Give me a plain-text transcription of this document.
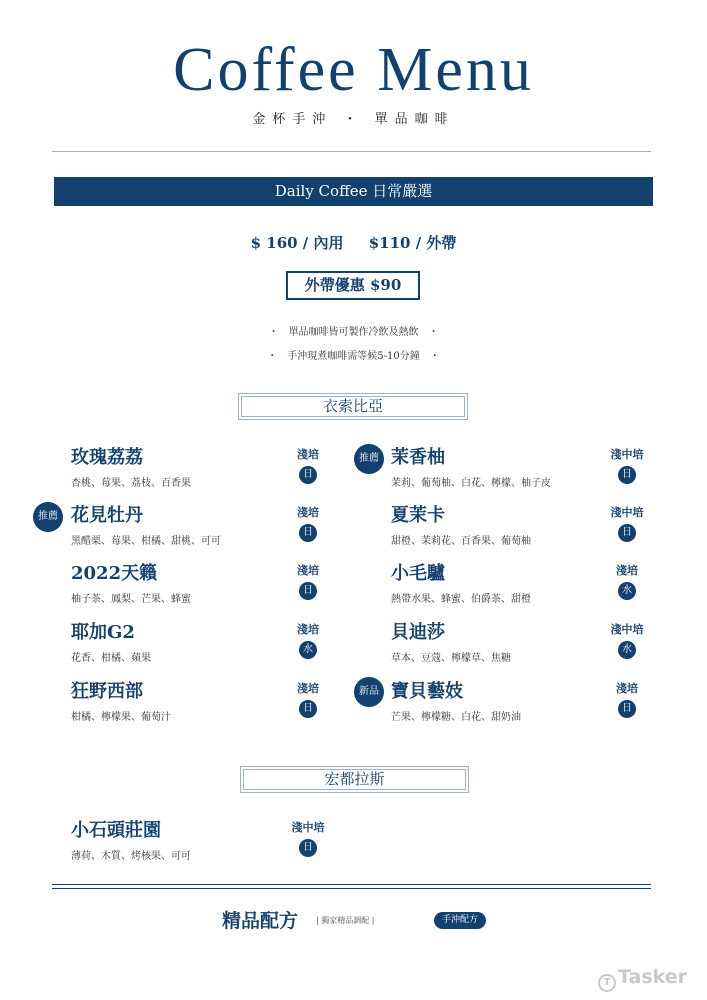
Coffee Menu
金杯手沖 ・ 單品咖啡
Daily Coffee 日常嚴選
$ 160 / 內用 $110 / 外帶
外帶優惠 $90
・ 單品咖啡皆可製作冷飲及熱飲 ・
・ 手沖現煮咖啡需等候5-10分鐘 ・
衣索比亞
玫瑰荔荔
杏桃、莓果、荔枝、百香果
淺培
日
推薦 花見牡丹
黑醋栗、莓果、柑橘、甜桃、可可
淺培
日
2022天籟
柚子茶、鳳梨、芒果、蜂蜜
淺培
日
耶加G2
花香、柑橘、蘋果
淺培
水
狂野西部
柑橘、檸檬果、葡萄汁
淺培
日
推薦 茉香柚
茉莉、葡萄柚、白花、檸檬、柚子皮
淺中培
日
夏茉卡
甜橙、茉莉花、百香果、葡萄柚
淺中培
日
小毛驢
熱帶水果、蜂蜜、伯爵茶、甜橙
淺培
水
貝迪莎
草本、豆蔻、檸檬草、焦糖
淺中培
水
新品 寶貝藝妓
芒果、檸檬糖、白花、甜奶油
淺培
日
宏都拉斯
小石頭莊園
薄荷、木質、烤核果、可可
淺中培
日
精品配方 | 獨家精品調配 |	手沖配方
T Tasker
